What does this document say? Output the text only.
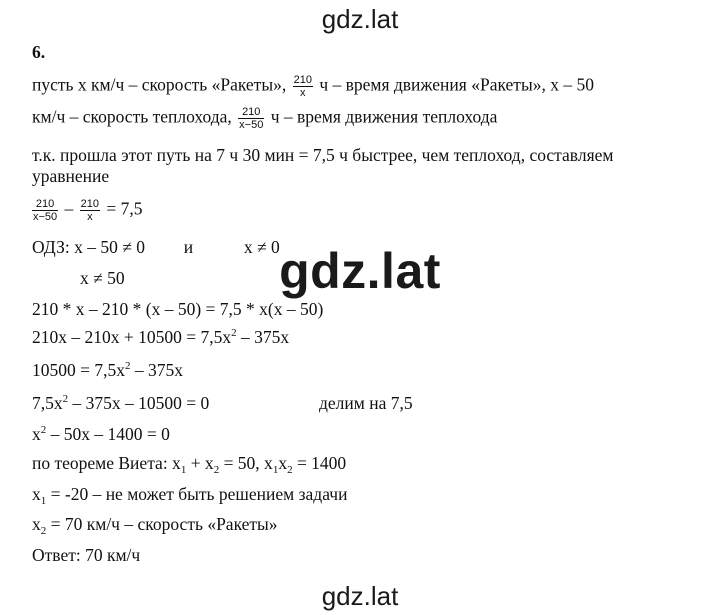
gdz.lat
6.
пусть х км/ч – скорость «Ракеты», $\frac{210}{x}$ ч – время движения «Ракеты», х – 50
км/ч – скорость теплохода, $\frac{210}{x-50}$ ч – время движения теплохода
т.к. прошла этот путь на 7 ч 30 мин = 7,5 ч быстрее, чем теплоход, составляем
уравнение
$\frac{210}{x-50} - \frac{210}{x} = 7,5$
ОДЗ: х – 50 ≠ 0 и	х ≠ 0
х ≠ 50	gdz.lat
210 * х – 210 * (х – 50) = 7,5 * х(х – 50)
$210х - 210х + 10500 = 7,5х^2 - 375х$
$10500 = 7,5х^2 - 375х$
$7,5х^2 - 375х - 10500 = 0$	делим на 7,5
$х^2 - 50х - 1400 = 0$
по теореме Виета: $х_1 + х_2 = 50$, $х_1х_2 = 1400$
$х_1 = -20$ – не может быть решением задачи
$х_2 = 70$ км/ч – скорость «Ракеты»
Ответ: 70 км/ч
gdz.lat
